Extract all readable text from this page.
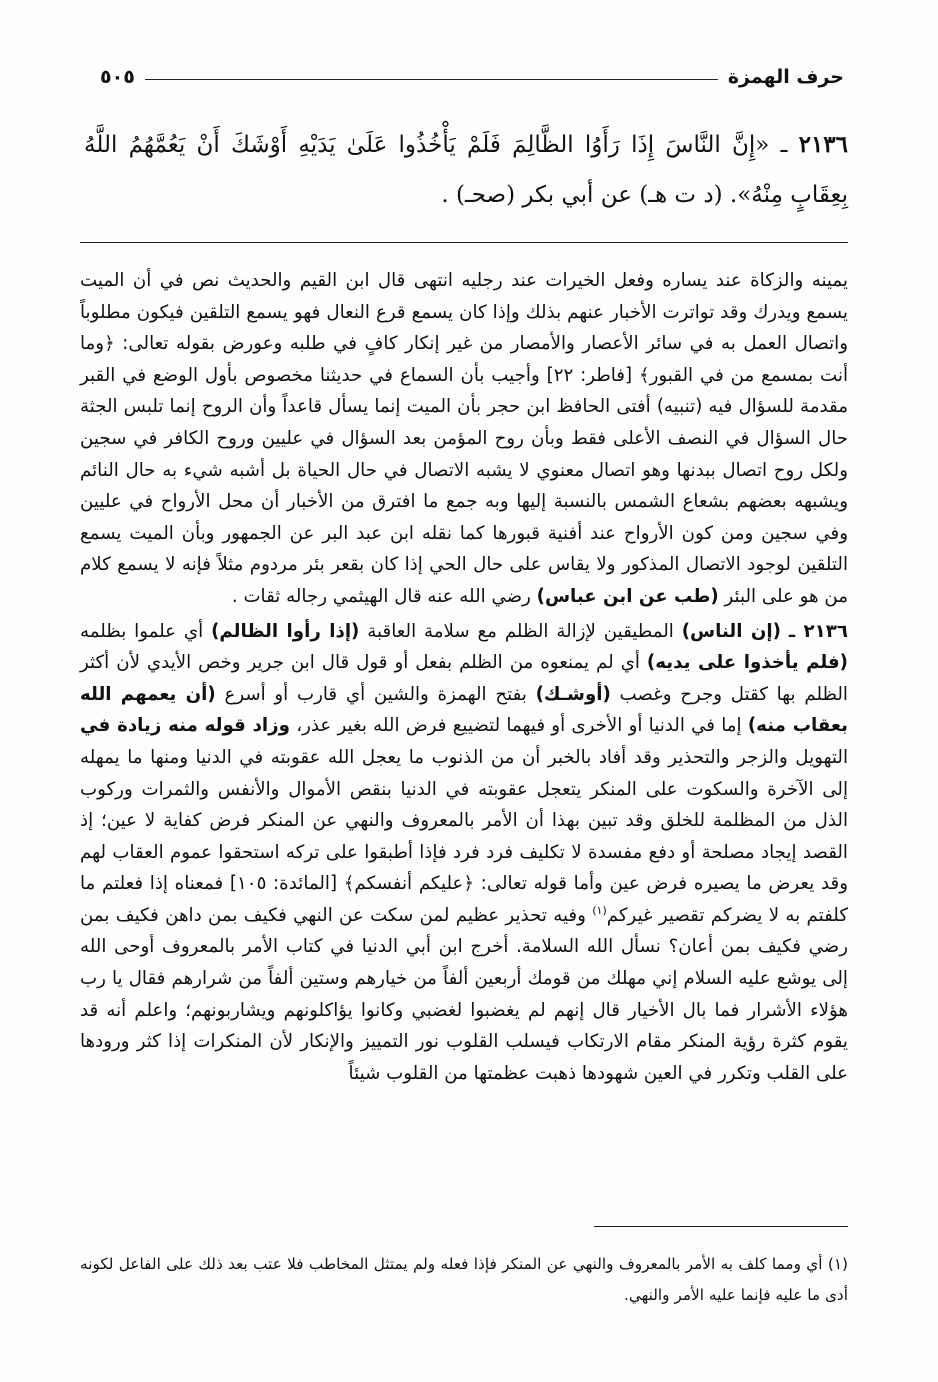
حرف الهمزة
٥٠٥
٢١٣٦ ـ «إِنَّ النَّاسَ إِذَا رَأَوُا الظَّالِمَ فَلَمْ يَأْخُذُوا عَلَىٰ يَدَيْهِ أَوْشَكَ أَنْ يَعُمَّهُمُ اللَّهُ بِعِقَابٍ مِنْهُ». (د ت هـ) عن أبي بكر (صحـ) .

يمينه والزكاة عند يساره وفعل الخيرات عند رجليه انتهى قال ابن القيم والحديث نص في أن الميت يسمع ويدرك وقد تواترت الأخبار عنهم بذلك وإذا كان يسمع قرع النعال فهو يسمع التلقين فيكون مطلوباً واتصال العمل به في سائر الأعصار والأمصار من غير إنكار كافٍ في طلبه وعورض بقوله تعالى: ﴿وما أنت بمسمع من في القبور﴾ [فاطر: ٢٢] وأجيب بأن السماع في حديثنا مخصوص بأول الوضع في القبر مقدمة للسؤال فيه (تنبيه) أفتى الحافظ ابن حجر بأن الميت إنما يسأل قاعداً وأن الروح إنما تلبس الجثة حال السؤال في النصف الأعلى فقط وبأن روح المؤمن بعد السؤال في عليين وروح الكافر في سجين ولكل روح اتصال ببدنها وهو اتصال معنوي لا يشبه الاتصال في حال الحياة بل أشبه شيء به حال النائم ويشبهه بعضهم بشعاع الشمس بالنسبة إليها وبه جمع ما افترق من الأخبار أن محل الأرواح في عليين وفي سجين ومن كون الأرواح عند أفنية قبورها كما نقله ابن عبد البر عن الجمهور وبأن الميت يسمع التلقين لوجود الاتصال المذكور ولا يقاس على حال الحي إذا كان بقعر بئر مردوم مثلاً فإنه لا يسمع كلام من هو على البئر (طب عن ابن عباس) رضي الله عنه قال الهيثمي رجاله ثقات .

٢١٣٦ ـ (إن الناس) المطيقين لإزالة الظلم مع سلامة العاقبة (إذا رأوا الظالم) أي علموا بظلمه (فلم يأخذوا على يديه) أي لم يمنعوه من الظلم بفعل أو قول قال ابن جرير وخص الأيدي لأن أكثر الظلم بها كقتل وجرح وغصب (أوشـك) بفتح الهمزة والشين أي قارب أو أسرع (أن يعمهم الله بعقاب منه) إما في الدنيا أو الأخرى أو فيهما لتضييع فرض الله بغير عذر، وزاد قوله منه زيادة في التهويل والزجر والتحذير وقد أفاد بالخبر أن من الذنوب ما يعجل الله عقوبته في الدنيا ومنها ما يمهله إلى الآخرة والسكوت على المنكر يتعجل عقوبته في الدنيا بنقص الأموال والأنفس والثمرات وركوب الذل من المظلمة للخلق وقد تبين بهذا أن الأمر بالمعروف والنهي عن المنكر فرض كفاية لا عين؛ إذ القصد إيجاد مصلحة أو دفع مفسدة لا تكليف فرد فرد فإذا أطبقوا على تركه استحقوا عموم العقاب لهم وقد يعرض ما يصيره فرض عين وأما قوله تعالى: ﴿عليكم أنفسكم﴾ [المائدة: ١٠٥] فمعناه إذا فعلتم ما كلفتم به لا يضركم تقصير غيركم$^{(١)}$ وفيه تحذير عظيم لمن سكت عن النهي فكيف بمن داهن فكيف بمن رضي فكيف بمن أعان؟ نسأل الله السلامة. أخرج ابن أبي الدنيا في كتاب الأمر بالمعروف أوحى الله إلى يوشع عليه السلام إني مهلك من قومك أربعين ألفاً من خيارهم وستين ألفاً من شرارهم فقال يا رب هؤلاء الأشرار فما بال الأخيار قال إنهم لم يغضبوا لغضبي وكانوا يؤاكلونهم ويشاربونهم؛ واعلم أنه قد يقوم كثرة رؤية المنكر مقام الارتكاب فيسلب القلوب نور التمييز والإنكار لأن المنكرات إذا كثر ورودها على القلب وتكرر في العين شهودها ذهبت عظمتها من القلوب شيئاً

(١) أي ومما كلف به الأمر بالمعروف والنهي عن المنكر فإذا فعله ولم يمتثل المخاطب فلا عتب بعد ذلك على الفاعل لكونه أدى ما عليه فإنما عليه الأمر والنهي.
